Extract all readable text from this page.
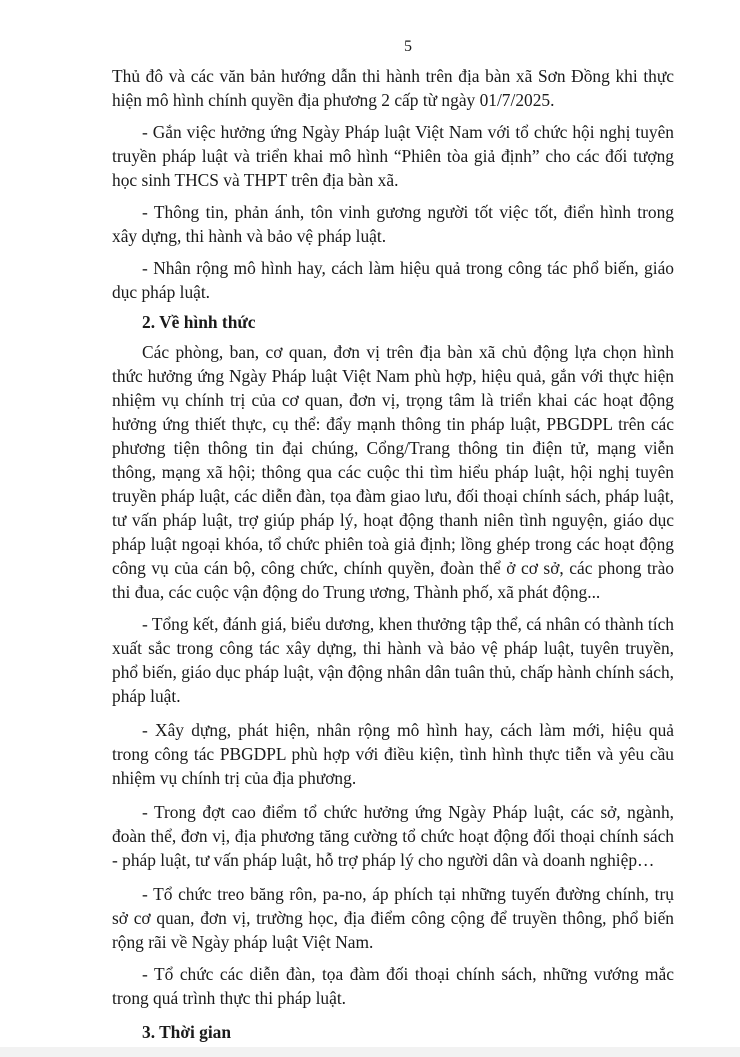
5

Thủ đô và các văn bản hướng dẫn thi hành trên địa bàn xã Sơn Đồng khi thực hiện mô hình chính quyền địa phương 2 cấp từ ngày 01/7/2025.

- Gắn việc hưởng ứng Ngày Pháp luật Việt Nam với tổ chức hội nghị tuyên truyền pháp luật và triển khai mô hình “Phiên tòa giả định” cho các đối tượng học sinh THCS và THPT trên địa bàn xã.

- Thông tin, phản ánh, tôn vinh gương người tốt việc tốt, điển hình trong xây dựng, thi hành và bảo vệ pháp luật.

- Nhân rộng mô hình hay, cách làm hiệu quả trong công tác phổ biến, giáo dục pháp luật.

2. Về hình thức

Các phòng, ban, cơ quan, đơn vị trên địa bàn xã chủ động lựa chọn hình thức hưởng ứng Ngày Pháp luật Việt Nam phù hợp, hiệu quả, gắn với thực hiện nhiệm vụ chính trị của cơ quan, đơn vị, trọng tâm là triển khai các hoạt động hưởng ứng thiết thực, cụ thể: đẩy mạnh thông tin pháp luật, PBGDPL trên các phương tiện thông tin đại chúng, Cổng/Trang thông tin điện tử, mạng viễn thông, mạng xã hội; thông qua các cuộc thi tìm hiểu pháp luật, hội nghị tuyên truyền pháp luật, các diễn đàn, tọa đàm giao lưu, đối thoại chính sách, pháp luật, tư vấn pháp luật, trợ giúp pháp lý, hoạt động thanh niên tình nguyện, giáo dục pháp luật ngoại khóa, tổ chức phiên toà giả định; lồng ghép trong các hoạt động công vụ của cán bộ, công chức, chính quyền, đoàn thể ở cơ sở, các phong trào thi đua, các cuộc vận động do Trung ương, Thành phố, xã phát động...

- Tổng kết, đánh giá, biểu dương, khen thưởng tập thể, cá nhân có thành tích xuất sắc trong công tác xây dựng, thi hành và bảo vệ pháp luật, tuyên truyền, phổ biến, giáo dục pháp luật, vận động nhân dân tuân thủ, chấp hành chính sách, pháp luật.

- Xây dựng, phát hiện, nhân rộng mô hình hay, cách làm mới, hiệu quả trong công tác PBGDPL phù hợp với điều kiện, tình hình thực tiễn và yêu cầu nhiệm vụ chính trị của địa phương.

- Trong đợt cao điểm tổ chức hưởng ứng Ngày Pháp luật, các sở, ngành, đoàn thể, đơn vị, địa phương tăng cường tổ chức hoạt động đối thoại chính sách - pháp luật, tư vấn pháp luật, hỗ trợ pháp lý cho người dân và doanh nghiệp…

- Tổ chức treo băng rôn, pa-no, áp phích tại những tuyến đường chính, trụ sở cơ quan, đơn vị, trường học, địa điểm công cộng để truyền thông, phổ biến rộng rãi về Ngày pháp luật Việt Nam.

- Tổ chức các diễn đàn, tọa đàm đối thoại chính sách, những vướng mắc trong quá trình thực thi pháp luật.

3. Thời gian
